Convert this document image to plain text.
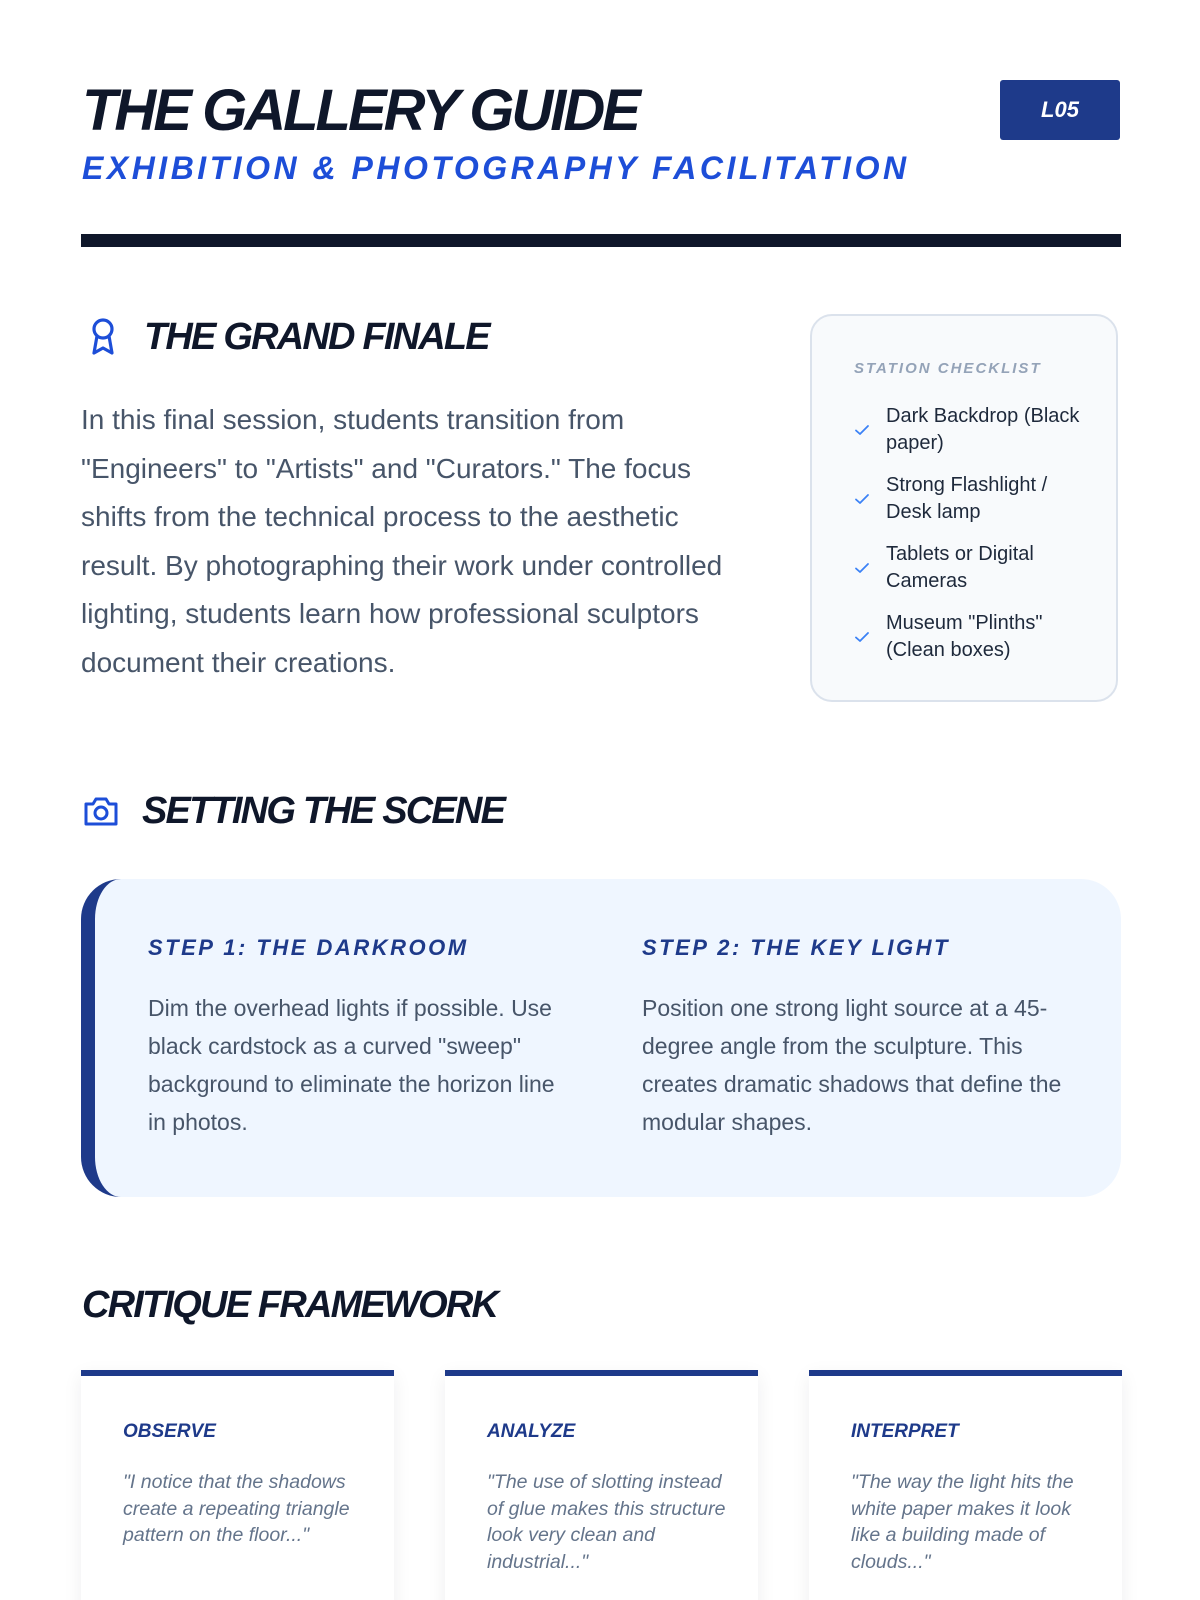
THE GALLERY GUIDE
EXHIBITION & PHOTOGRAPHY FACILITATION
L05
THE GRAND FINALE

In this final session, students transition from "Engineers" to "Artists" and "Curators." The focus shifts from the technical process to the aesthetic result. By photographing their work under controlled lighting, students learn how professional sculptors document their creations.

STATION CHECKLIST
Dark Backdrop (Black paper)
Strong Flashlight / Desk lamp
Tablets or Digital Cameras
Museum "Plinths" (Clean boxes)
SETTING THE SCENE
STEP 1: THE DARKROOM

Dim the overhead lights if possible. Use black cardstock as a curved "sweep" background to eliminate the horizon line in photos.

STEP 2: THE KEY LIGHT

Position one strong light source at a 45-degree angle from the sculpture. This creates dramatic shadows that define the modular shapes.

CRITIQUE FRAMEWORK
OBSERVE

"I notice that the shadows create a repeating triangle pattern on the floor..."

ANALYZE

"The use of slotting instead of glue makes this structure look very clean and industrial..."

INTERPRET

"The way the light hits the white paper makes it look like a building made of clouds..."
